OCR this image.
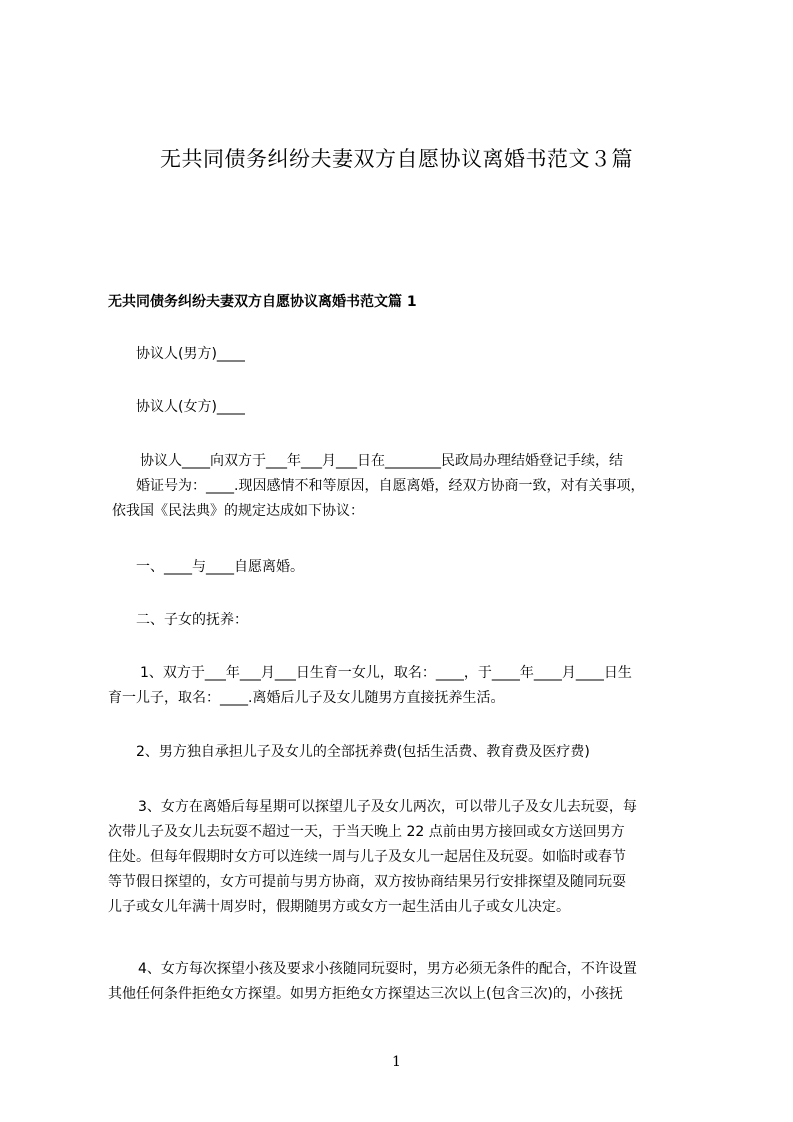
无共同债务纠纷夫妻双方自愿协议离婚书范文３篇
无共同债务纠纷夫妻双方自愿协议离婚书范文篇 1
协议人(男方)____
协议人(女方)____
协议人____向双方于___年___月___日在________民政局办理结婚登记手续，结
婚证号为：____.现因感情不和等原因，自愿离婚，经双方协商一致，对有关事项，
依我国《民法典》的规定达成如下协议：
一、____与____自愿离婚。
二、子女的抚养：
1、双方于___年___月___日生育一女儿，取名：____，于____年____月____日生
育一儿子，取名：____.离婚后儿子及女儿随男方直接抚养生活。
2、男方独自承担儿子及女儿的全部抚养费(包括生活费、教育费及医疗费)
3、女方在离婚后每星期可以探望儿子及女儿两次，可以带儿子及女儿去玩耍，每
次带儿子及女儿去玩耍不超过一天，于当天晚上 22 点前由男方接回或女方送回男方
住处。但每年假期时女方可以连续一周与儿子及女儿一起居住及玩耍。如临时或春节
等节假日探望的，女方可提前与男方协商，双方按协商结果另行安排探望及随同玩耍
儿子或女儿年满十周岁时，假期随男方或女方一起生活由儿子或女儿决定。
4、女方每次探望小孩及要求小孩随同玩耍时，男方必须无条件的配合，不许设置
其他任何条件拒绝女方探望。如男方拒绝女方探望达三次以上(包含三次)的，小孩抚
1
